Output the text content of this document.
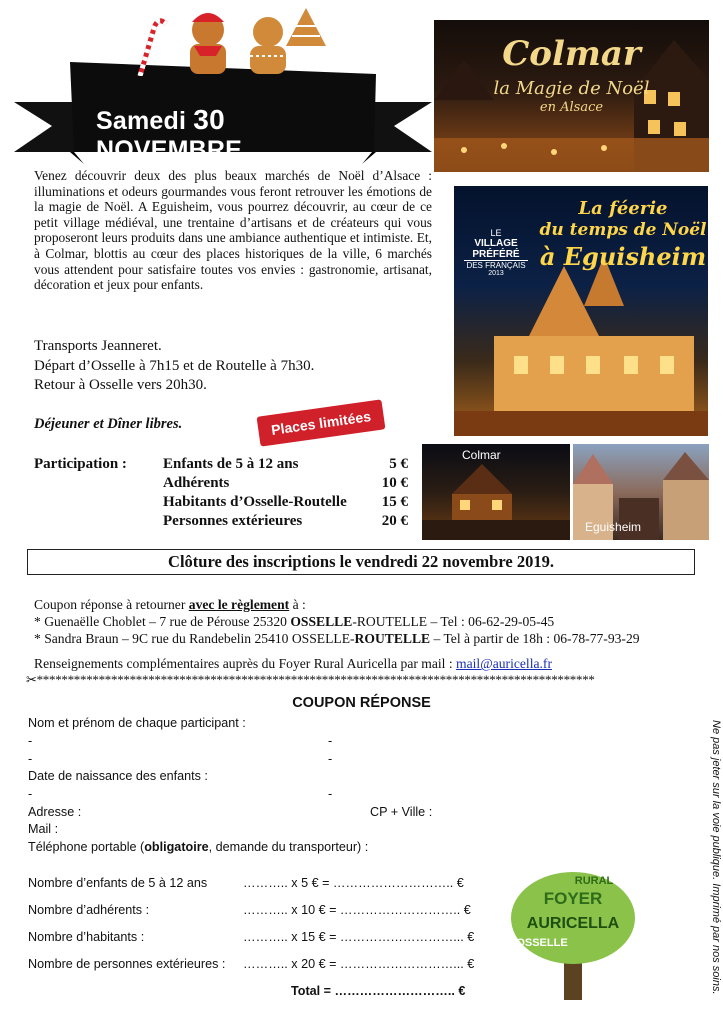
Samedi 30 NOVEMBRE
Colmar
la Magie de Noël
en Alsace
La féerie
du temps de Noël
à Eguisheim
LE
VILLAGE PRÉFÉRÉ
DES FRANÇAIS
2013
Colmar
Eguisheim
Venez découvrir deux des plus beaux marchés de Noël d’Alsace : illuminations et odeurs gourmandes vous feront retrouver les émotions de la magie de Noël. A Eguisheim, vous pourrez découvrir, au cœur de ce petit village médiéval, une trentaine d’artisans et de créateurs qui vous proposeront leurs produits dans une ambiance authentique et intimiste. Et, à Colmar, blottis au cœur des places historiques de la ville, 6 marchés vous attendent pour satisfaire toutes vos envies : gastronomie, artisanat, décoration et jeux pour enfants.
Transports Jeanneret.
Départ d’Osselle à 7h15 et de Routelle à 7h30.
Retour à Osselle vers 20h30.
Déjeuner et Dîner libres.	Places limitées
Participation : Enfants de 5 à 12 ans	5 €
Adhérents	10 €
Habitants d’Osselle-Routelle	15 €
Personnes extérieures	20 €
Clôture des inscriptions le vendredi 22 novembre 2019.
Coupon réponse à retourner avec le règlement à :
* Guenaëlle Choblet – 7 rue de Pérouse 25320 OSSELLE-ROUTELLE – Tel : 06-62-29-05-45
* Sandra Braun – 9C rue du Randebelin 25410 OSSELLE-ROUTELLE – Tel à partir de 18h : 06-78-77-93-29
Renseignements complémentaires auprès du Foyer Rural Auricella par mail : mail@auricella.fr
✂******************************************************************************************
COUPON RÉPONSE
Nom et prénom de chaque participant :
-	-
-	-
Date de naissance des enfants :
-	-
Adresse :	CP + Ville :
Mail :
Téléphone portable (obligatoire, demande du transporteur) :
Nombre d’enfants de 5 à 12 ans	……….. x 5 € = ……………………….. €
Nombre d’adhérents :	……….. x 10 € = ……………………….. €
Nombre d’habitants :	……….. x 15 € = ………………………... €
Nombre de personnes extérieures : ……….. x 20 € = ………………………... €
Total = ……………………….. €
RURAL
FOYER
AURICELLA
OSSELLE	Ne pas jeter sur la voie publique. Imprimé par nos soins.
